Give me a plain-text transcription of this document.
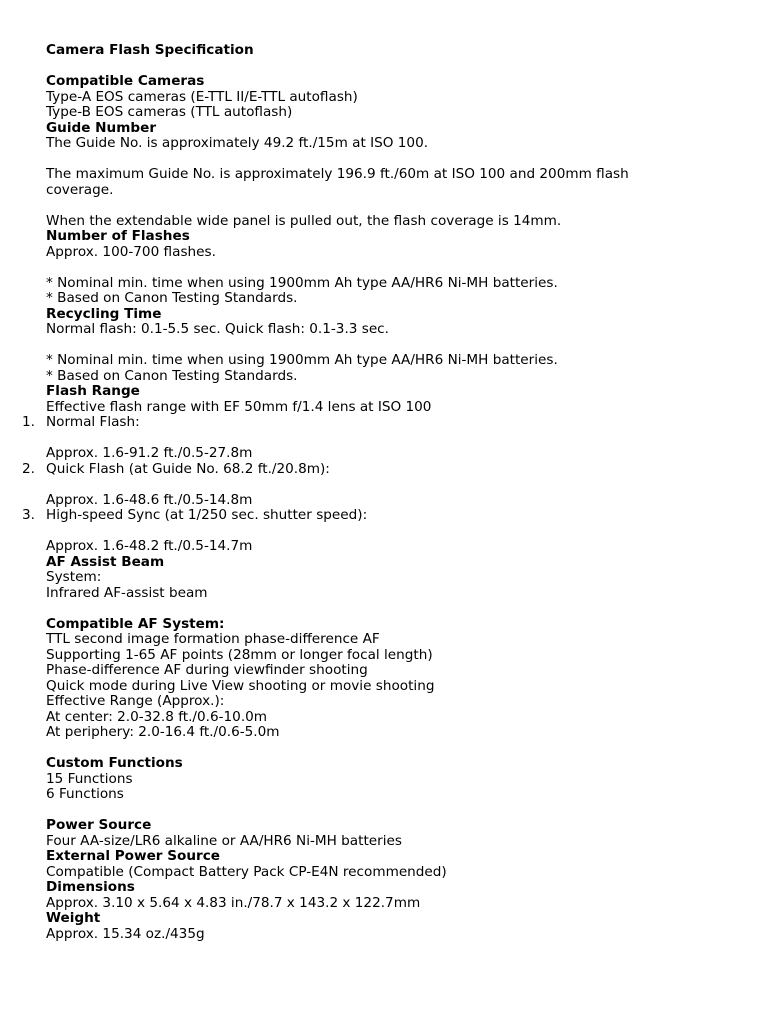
Camera Flash Specification
Compatible Cameras
Type-A EOS cameras (E-TTL II/E-TTL autoflash)
Type-B EOS cameras (TTL autoflash)
Guide Number
The Guide No. is approximately 49.2 ft./15m at ISO 100.
The maximum Guide No. is approximately 196.9 ft./60m at ISO 100 and 200mm flash
coverage.
When the extendable wide panel is pulled out, the flash coverage is 14mm.
Number of Flashes
Approx. 100-700 flashes.
* Nominal min. time when using 1900mm Ah type AA/HR6 Ni-MH batteries.
* Based on Canon Testing Standards.
Recycling Time
Normal flash: 0.1-5.5 sec. Quick flash: 0.1-3.3 sec.
* Nominal min. time when using 1900mm Ah type AA/HR6 Ni-MH batteries.
* Based on Canon Testing Standards.
Flash Range
Effective flash range with EF 50mm f/1.4 lens at ISO 100
1. Normal Flash:
Approx. 1.6-91.2 ft./0.5-27.8m
2. Quick Flash (at Guide No. 68.2 ft./20.8m):
Approx. 1.6-48.6 ft./0.5-14.8m
3. High-speed Sync (at 1/250 sec. shutter speed):
Approx. 1.6-48.2 ft./0.5-14.7m
AF Assist Beam
System:
Infrared AF-assist beam
Compatible AF System:
TTL second image formation phase-difference AF
Supporting 1-65 AF points (28mm or longer focal length)
Phase-difference AF during viewfinder shooting
Quick mode during Live View shooting or movie shooting
Effective Range (Approx.):
At center: 2.0-32.8 ft./0.6-10.0m
At periphery: 2.0-16.4 ft./0.6-5.0m
Custom Functions
15 Functions
6 Functions
Power Source
Four AA-size/LR6 alkaline or AA/HR6 Ni-MH batteries
External Power Source
Compatible (Compact Battery Pack CP-E4N recommended)
Dimensions
Approx. 3.10 x 5.64 x 4.83 in./78.7 x 143.2 x 122.7mm
Weight
Approx. 15.34 oz./435g
